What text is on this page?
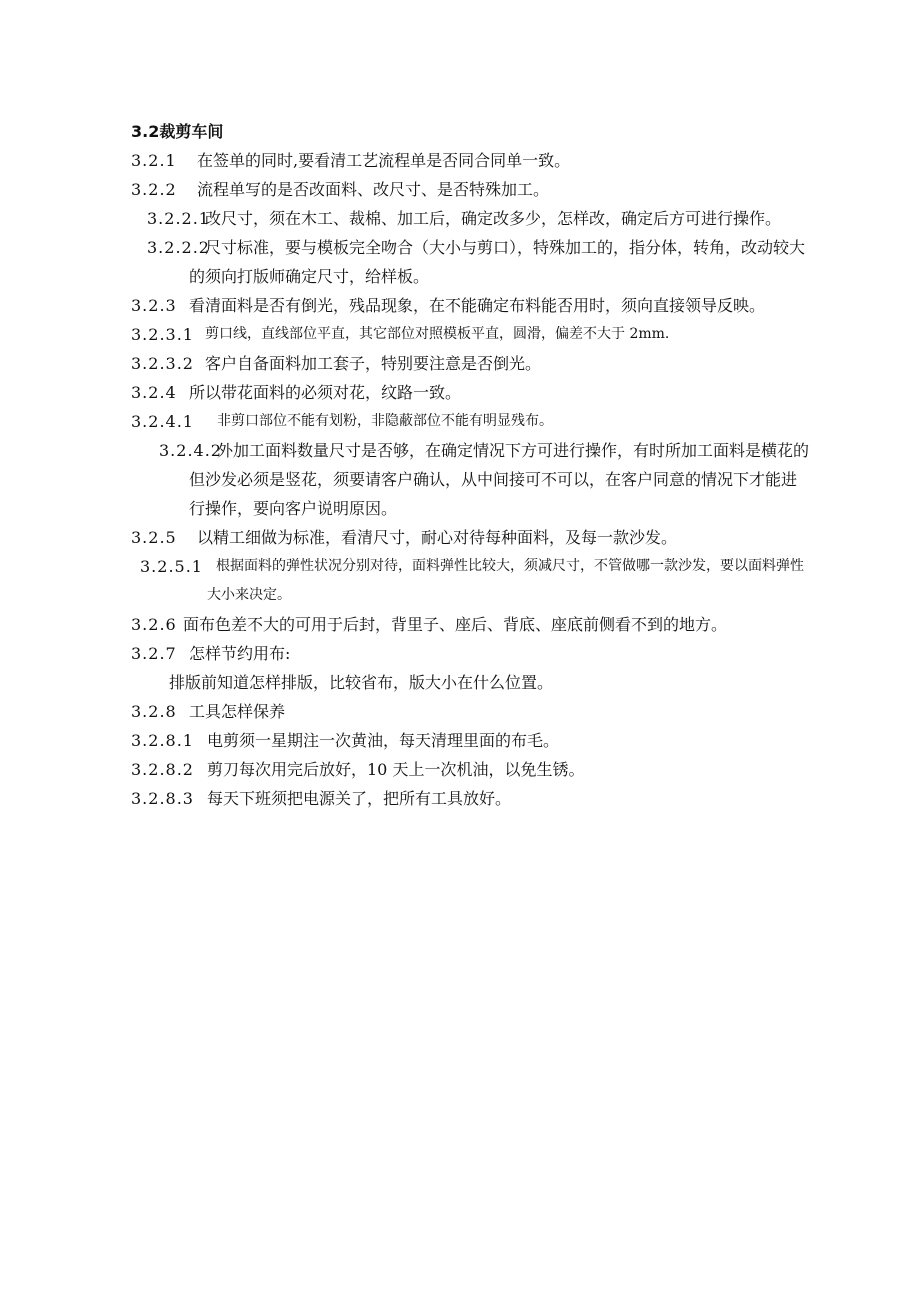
3.2裁剪车间

3.2.1 在签单的同时,要看清工艺流程单是否同合同单一致。

3.2.2 流程单写的是否改面料、改尺寸、是否特殊加工。

3.2.2.1
改尺寸，须在木工、裁棉、加工后，确定改多少，怎样改，确定后方可进行操作。

3.2.2.2
尺寸标准，要与模板完全吻合（大小与剪口），特殊加工的，指分体，转角，改动较大的须向打版师确定尺寸，给样板。

3.2.3 看清面料是否有倒光，残品现象，在不能确定布料能否用时，须向直接领导反映。

3.2.3.1 剪口线，直线部位平直，其它部位对照模板平直，圆滑，偏差不大于 2mm.

3.2.3.2 客户自备面料加工套子，特别要注意是否倒光。

3.2.4 所以带花面料的必须对花，纹路一致。

3.2.4.1 非剪口部位不能有划粉，非隐蔽部位不能有明显残布。

3.2.4.2
外加工面料数量尺寸是否够，在确定情况下方可进行操作，有时所加工面料是横花的但沙发必须是竖花，须要请客户确认，从中间接可不可以，在客户同意的情况下才能进行操作，要向客户说明原因。

3.2.5 以精工细做为标准，看清尺寸，耐心对待每种面料，及每一款沙发。

3.2.5.1 根据面料的弹性状况分别对待，面料弹性比较大，须减尺寸，不管做哪一款沙发，要以面料弹性大小来决定。

3.2.6 面布色差不大的可用于后封，背里子、座后、背底、座底前侧看不到的地方。

3.2.7 怎样节约用布:

排版前知道怎样排版，比较省布，版大小在什么位置。

3.2.8 工具怎样保养

3.2.8.1 电剪须一星期注一次黄油，每天清理里面的布毛。

3.2.8.2 剪刀每次用完后放好，10 天上一次机油，以免生锈。

3.2.8.3 每天下班须把电源关了，把所有工具放好。
